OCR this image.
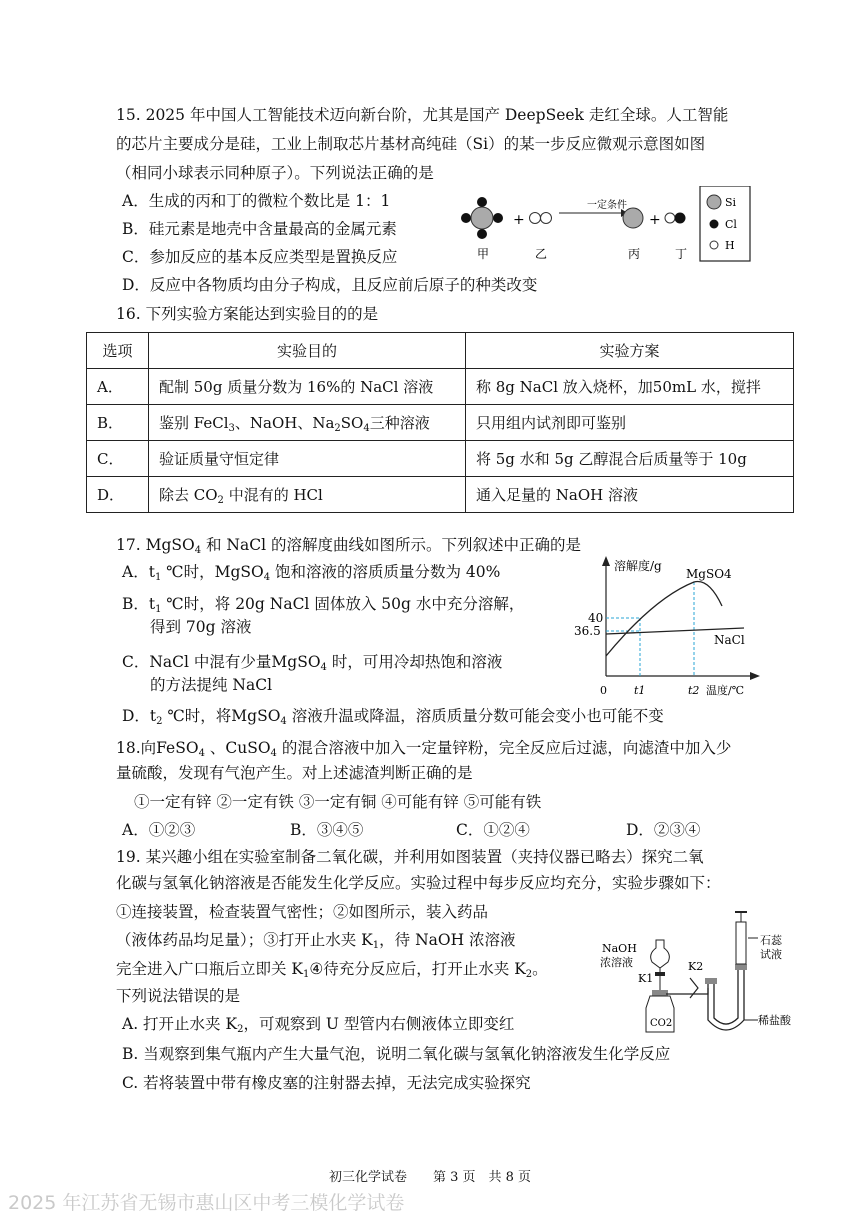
15. 2025 年中国人工智能技术迈向新台阶，尤其是国产 DeepSeek 走红全球。人工智能
的芯片主要成分是硅，工业上制取芯片基材高纯硅（Si）的某一步反应微观示意图如图
（相同小球表示同种原子）。下列说法正确的是
A．生成的丙和丁的微粒个数比是 1：1
B．硅元素是地壳中含量最高的金属元素
C．参加反应的基本反应类型是置换反应
D．反应中各物质均由分子构成，且反应前后原子的种类改变
+
一定条件
+
甲	乙	丙	丁
Si
Cl
H
16. 下列实验方案能达到实验目的的是
选项	实验目的	实验方案
A．	配制 50g 质量分数为 16%的 NaCl 溶液	称 8g NaCl 放入烧杯，加50mL 水，搅拌
B．	鉴别 FeCl$_3$、NaOH、$Na_2SO_4$三种溶液	只用组内试剂即可鉴别
C．	验证质量守恒定律	将 5g 水和 5g 乙醇混合后质量等于 10g
D．	除去 $CO_2$ 中混有的 HCl	通入足量的 NaOH 溶液
17. MgSO$_4$ 和 NaCl 的溶解度曲线如图所示。下列叙述中正确的是
A．$t_1$ ℃时，MgSO$_4$ 饱和溶液的溶质质量分数为 40%
B．$t_1$ ℃时，将 20g NaCl 固体放入 50g 水中充分溶解，
得到 70g 溶液
C．NaCl 中混有少量MgSO$_4$ 时，可用冷却热饱和溶液
的方法提纯 NaCl
D．$t_2$ ℃时，将MgSO$_4$ 溶液升温或降温，溶质质量分数可能会变小也可能不变
溶解度/g
温度/℃
0
40
36.5
MgSO4
NaCl
t1	t2
18.向FeSO$_4$ 、CuSO$_4$ 的混合溶液中加入一定量锌粉，完全反应后过滤，向滤渣中加入少
量硫酸，发现有气泡产生。对上述滤渣判断正确的是
①一定有锌 ②一定有铁 ③一定有铜 ④可能有锌 ⑤可能有铁
A．①②③	B．③④⑤	C．①②④	D．②③④
19. 某兴趣小组在实验室制备二氧化碳，并利用如图装置（夹持仪器已略去）探究二氧
化碳与氢氧化钠溶液是否能发生化学反应。实验过程中每步反应均充分，实验步骤如下：
①连接装置，检查装置气密性；②如图所示，装入药品
（液体药品均足量）；③打开止水夹 $K_1$，待 NaOH 浓溶液
完全进入广口瓶后立即关 $K_1④$待充分反应后，打开止水夹 $K_2$。
下列说法错误的是
A. 打开止水夹 $K_2$，可观察到 U 型管内右侧液体立即变红
B. 当观察到集气瓶内产生大量气泡，说明二氧化碳与氢氧化钠溶液发生化学反应
C. 若将装置中带有橡皮塞的注射器去掉，无法完成实验探究
NaOH
浓溶液
K1
CO2
K2
石蕊
试液
稀盐酸
初三化学试卷　　第 3 页　共 8 页
2025 年江苏省无锡市惠山区中考三模化学试卷
